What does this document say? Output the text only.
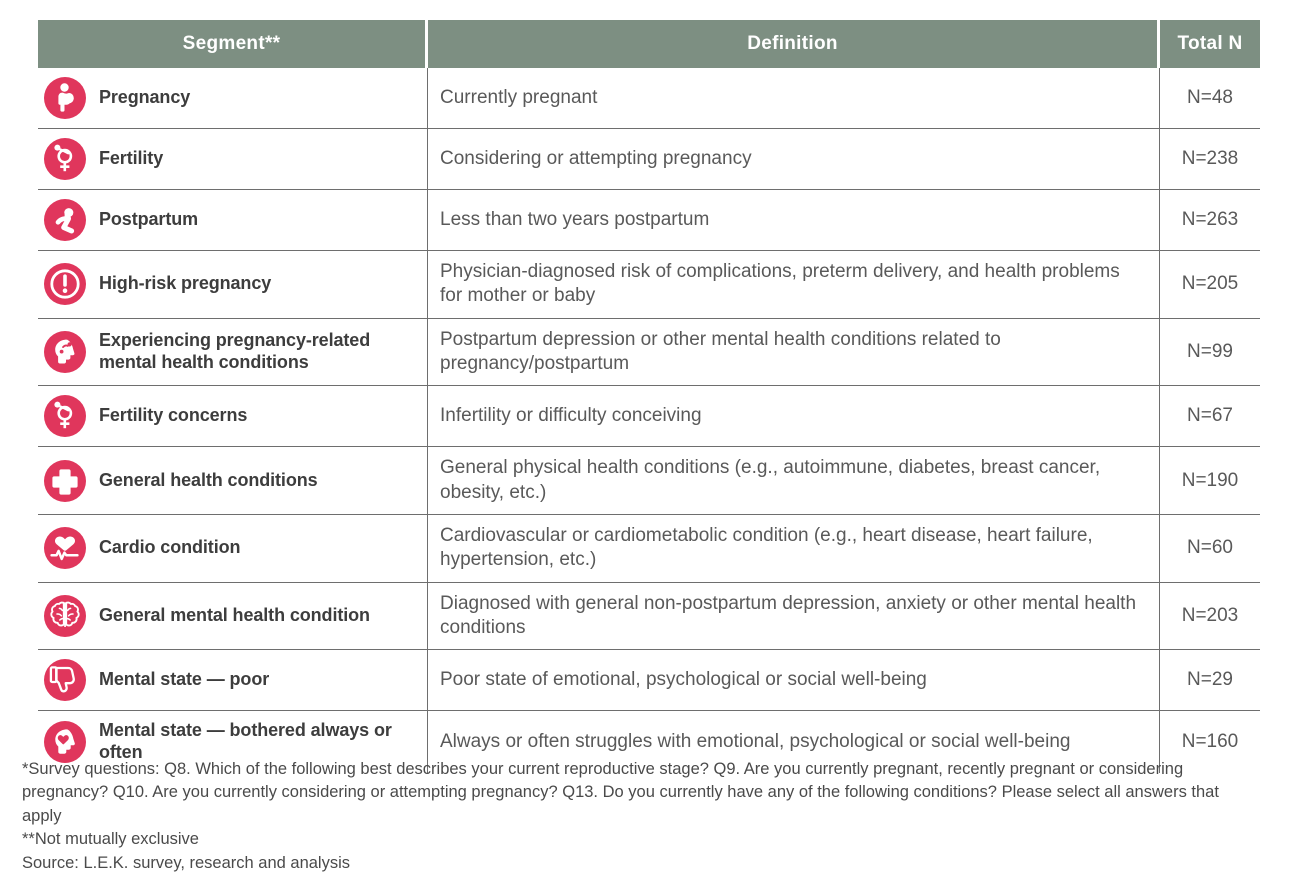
Segment**	Definition	Total N

Pregnancy	Currently pregnant	N=48

Fertility	Considering or attempting pregnancy	N=238

Postpartum	Less than two years postpartum	N=263

High-risk pregnancy	Physician-diagnosed risk of complications, preterm delivery, and health problems for mother or baby	N=205

Experiencing pregnancy-related mental health conditions	Postpartum depression or other mental health conditions related to pregnancy/postpartum	N=99

Fertility concerns	Infertility or difficulty conceiving	N=67

General health conditions	General physical health conditions (e.g., autoimmune, diabetes, breast cancer, obesity, etc.)	N=190

Cardio condition	Cardiovascular or cardiometabolic condition (e.g., heart disease, heart failure, hypertension, etc.)	N=60

General mental health condition	Diagnosed with general non-postpartum depression, anxiety or other mental health conditions	N=203

Mental state — poor	Poor state of emotional, psychological or social well-being	N=29

Mental state — bothered always or often	Always or often struggles with emotional, psychological or social well-being	N=160

*Survey questions: Q8. Which of the following best describes your current reproductive stage? Q9. Are you currently pregnant, recently pregnant or considering pregnancy? Q10. Are you currently considering or attempting pregnancy? Q13. Do you currently have any of the following conditions? Please select all answers that apply

**Not mutually exclusive

Source: L.E.K. survey, research and analysis
